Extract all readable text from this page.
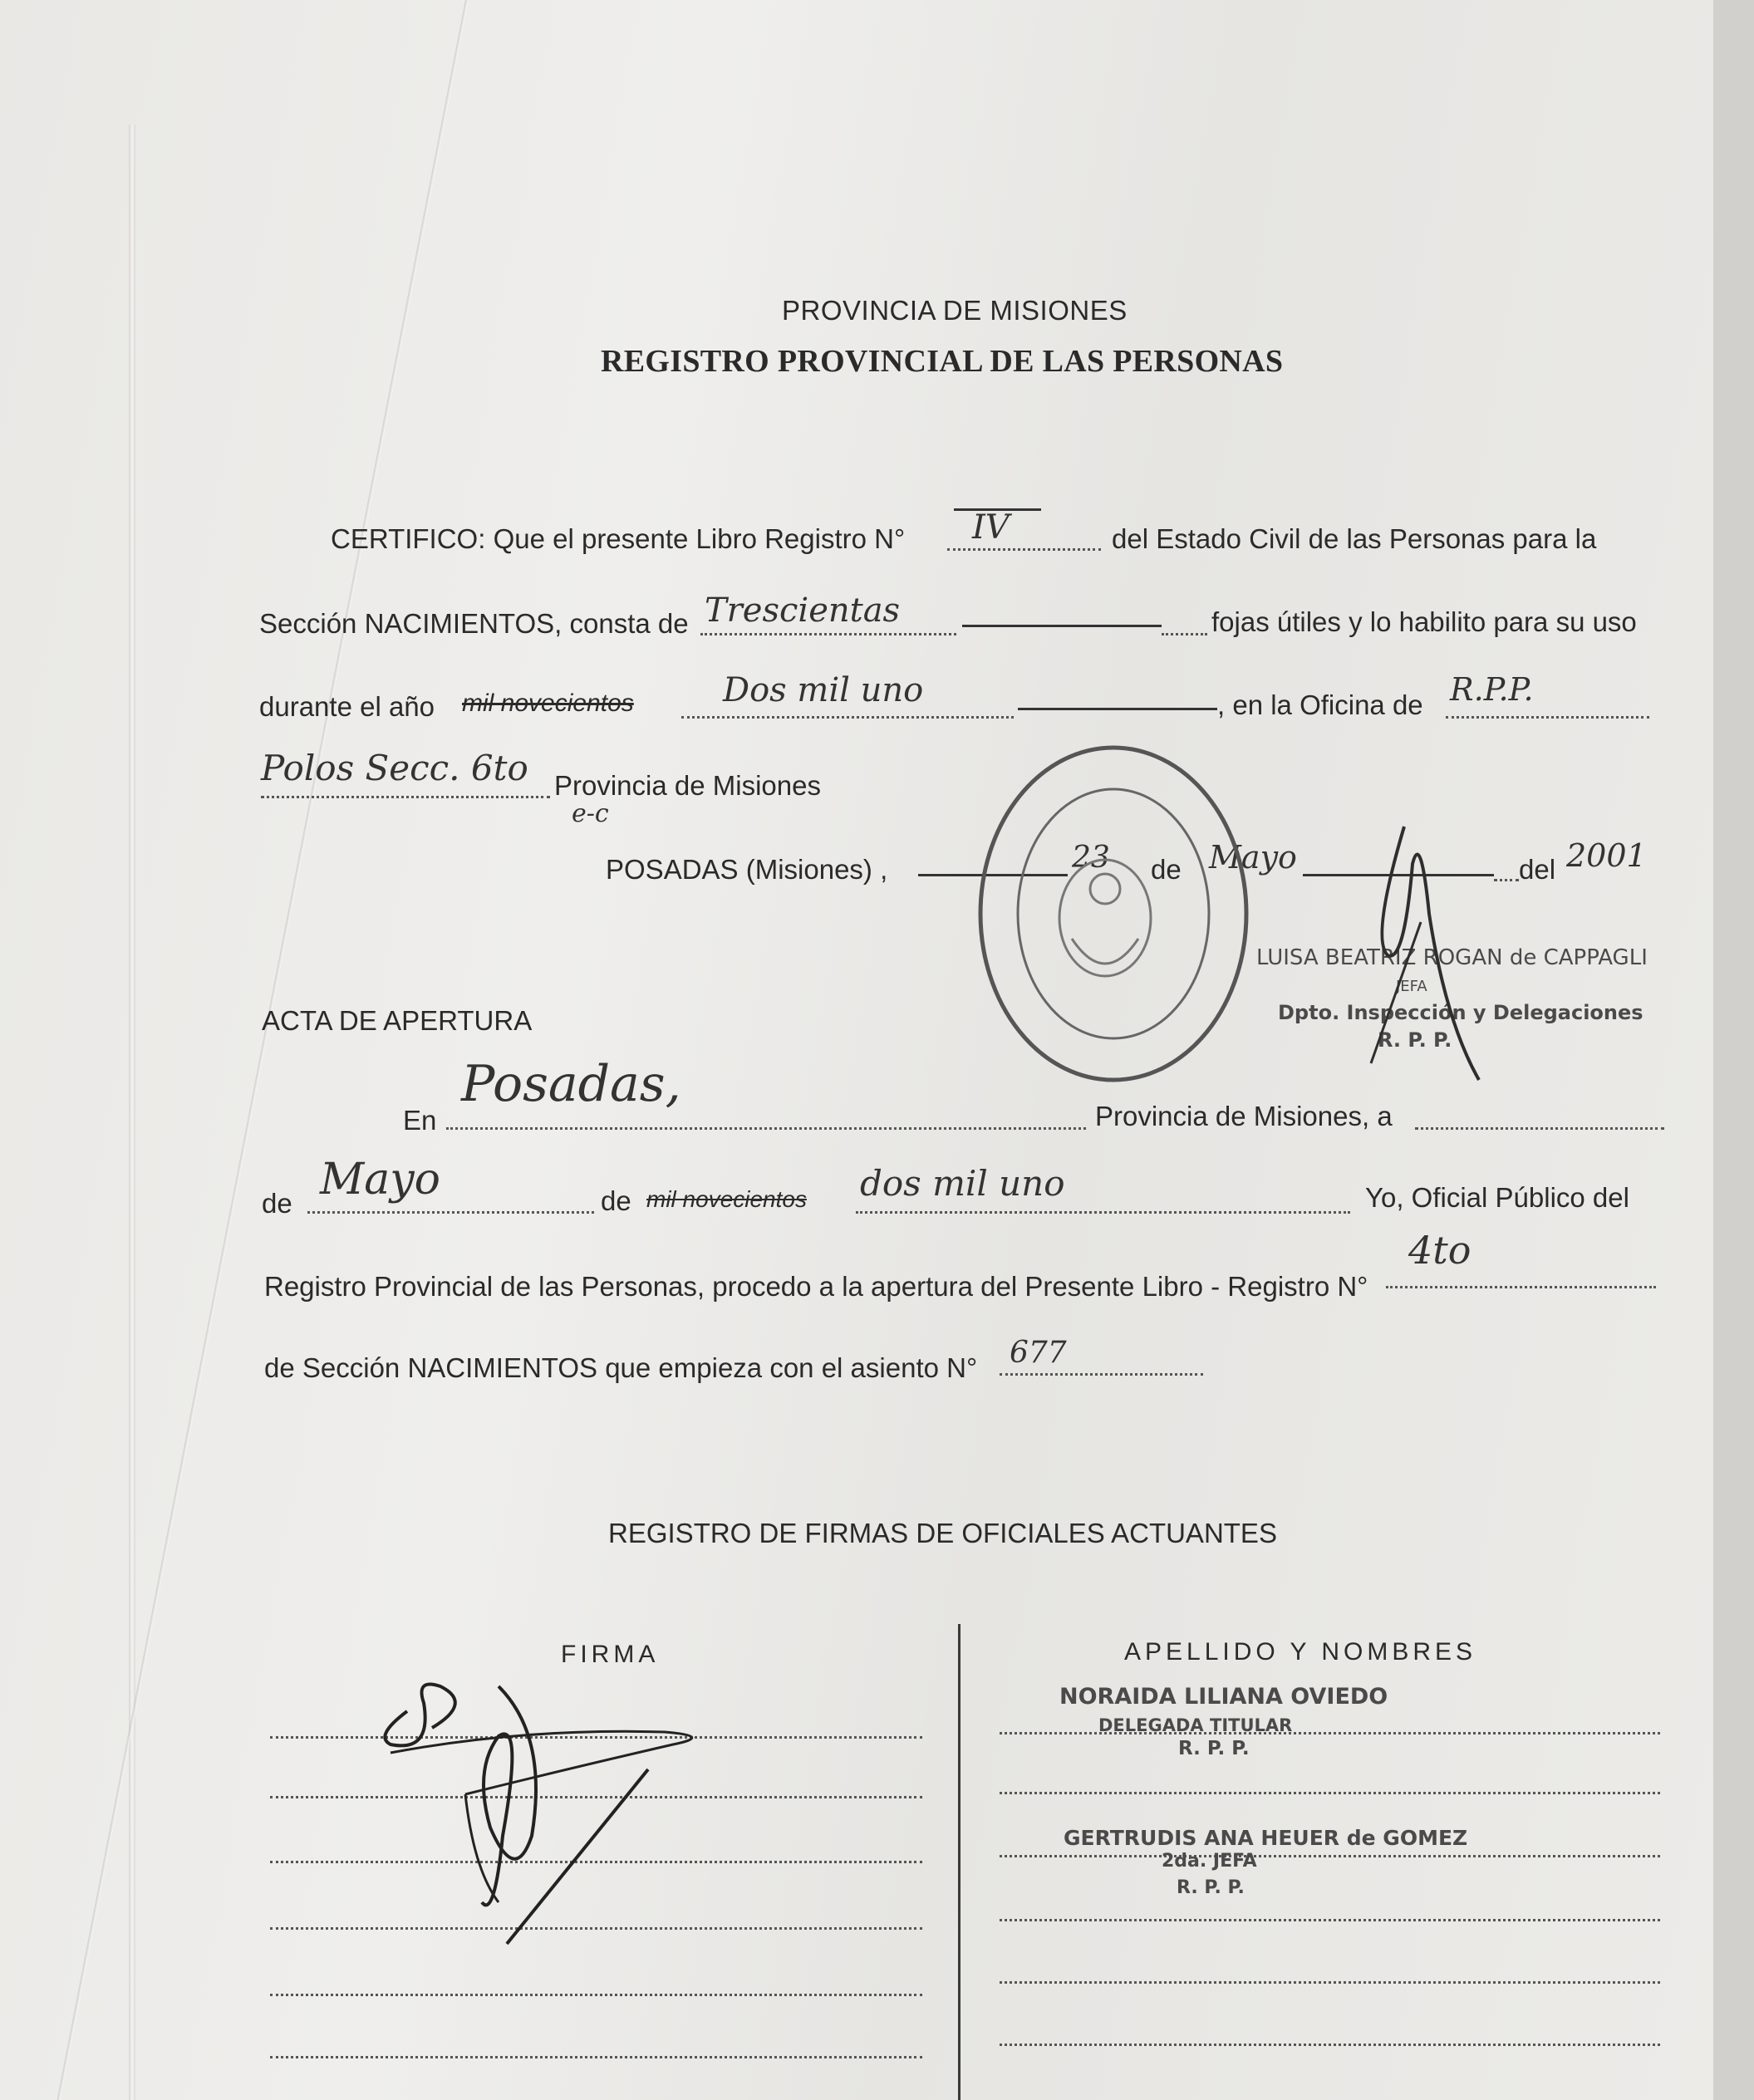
PROVINCIA DE MISIONES
REGISTRO PROVINCIAL DE LAS PERSONAS
CERTIFICO: Que el presente Libro Registro N° IV	del Estado Civil de las Personas para la
Sección NACIMIENTOS, consta de Trescientas	fojas útiles y lo habilito para su uso
durante el año mil novecientos	Dos mil uno	, en la Oficina de R.P.P.
Polos Secc. 6to Provincia de Misiones
e-c
POSADAS (Misiones) ,	23 de Mayo	del 2001
LUISA BEATRIZ ROGAN de CAPPAGLI
JEFA
Dpto. Inspección y Delegaciones
R. P. P.
ACTA DE APERTURA
En
Posadas,
Provincia de Misiones, a
de Mayo	de mil novecientos dos mil uno	Yo, Oficial Público del
Registro Provincial de las Personas, procedo a la apertura del Presente Libro - Registro N°
4to
de Sección NACIMIENTOS que empieza con el asiento N° 677
REGISTRO DE FIRMAS DE OFICIALES ACTUANTES
FIRMA	APELLIDO Y NOMBRES
NORAIDA LILIANA OVIEDO
DELEGADA TITULAR
R. P. P.
GERTRUDIS ANA HEUER de GOMEZ
2da. JEFA
R. P. P.
